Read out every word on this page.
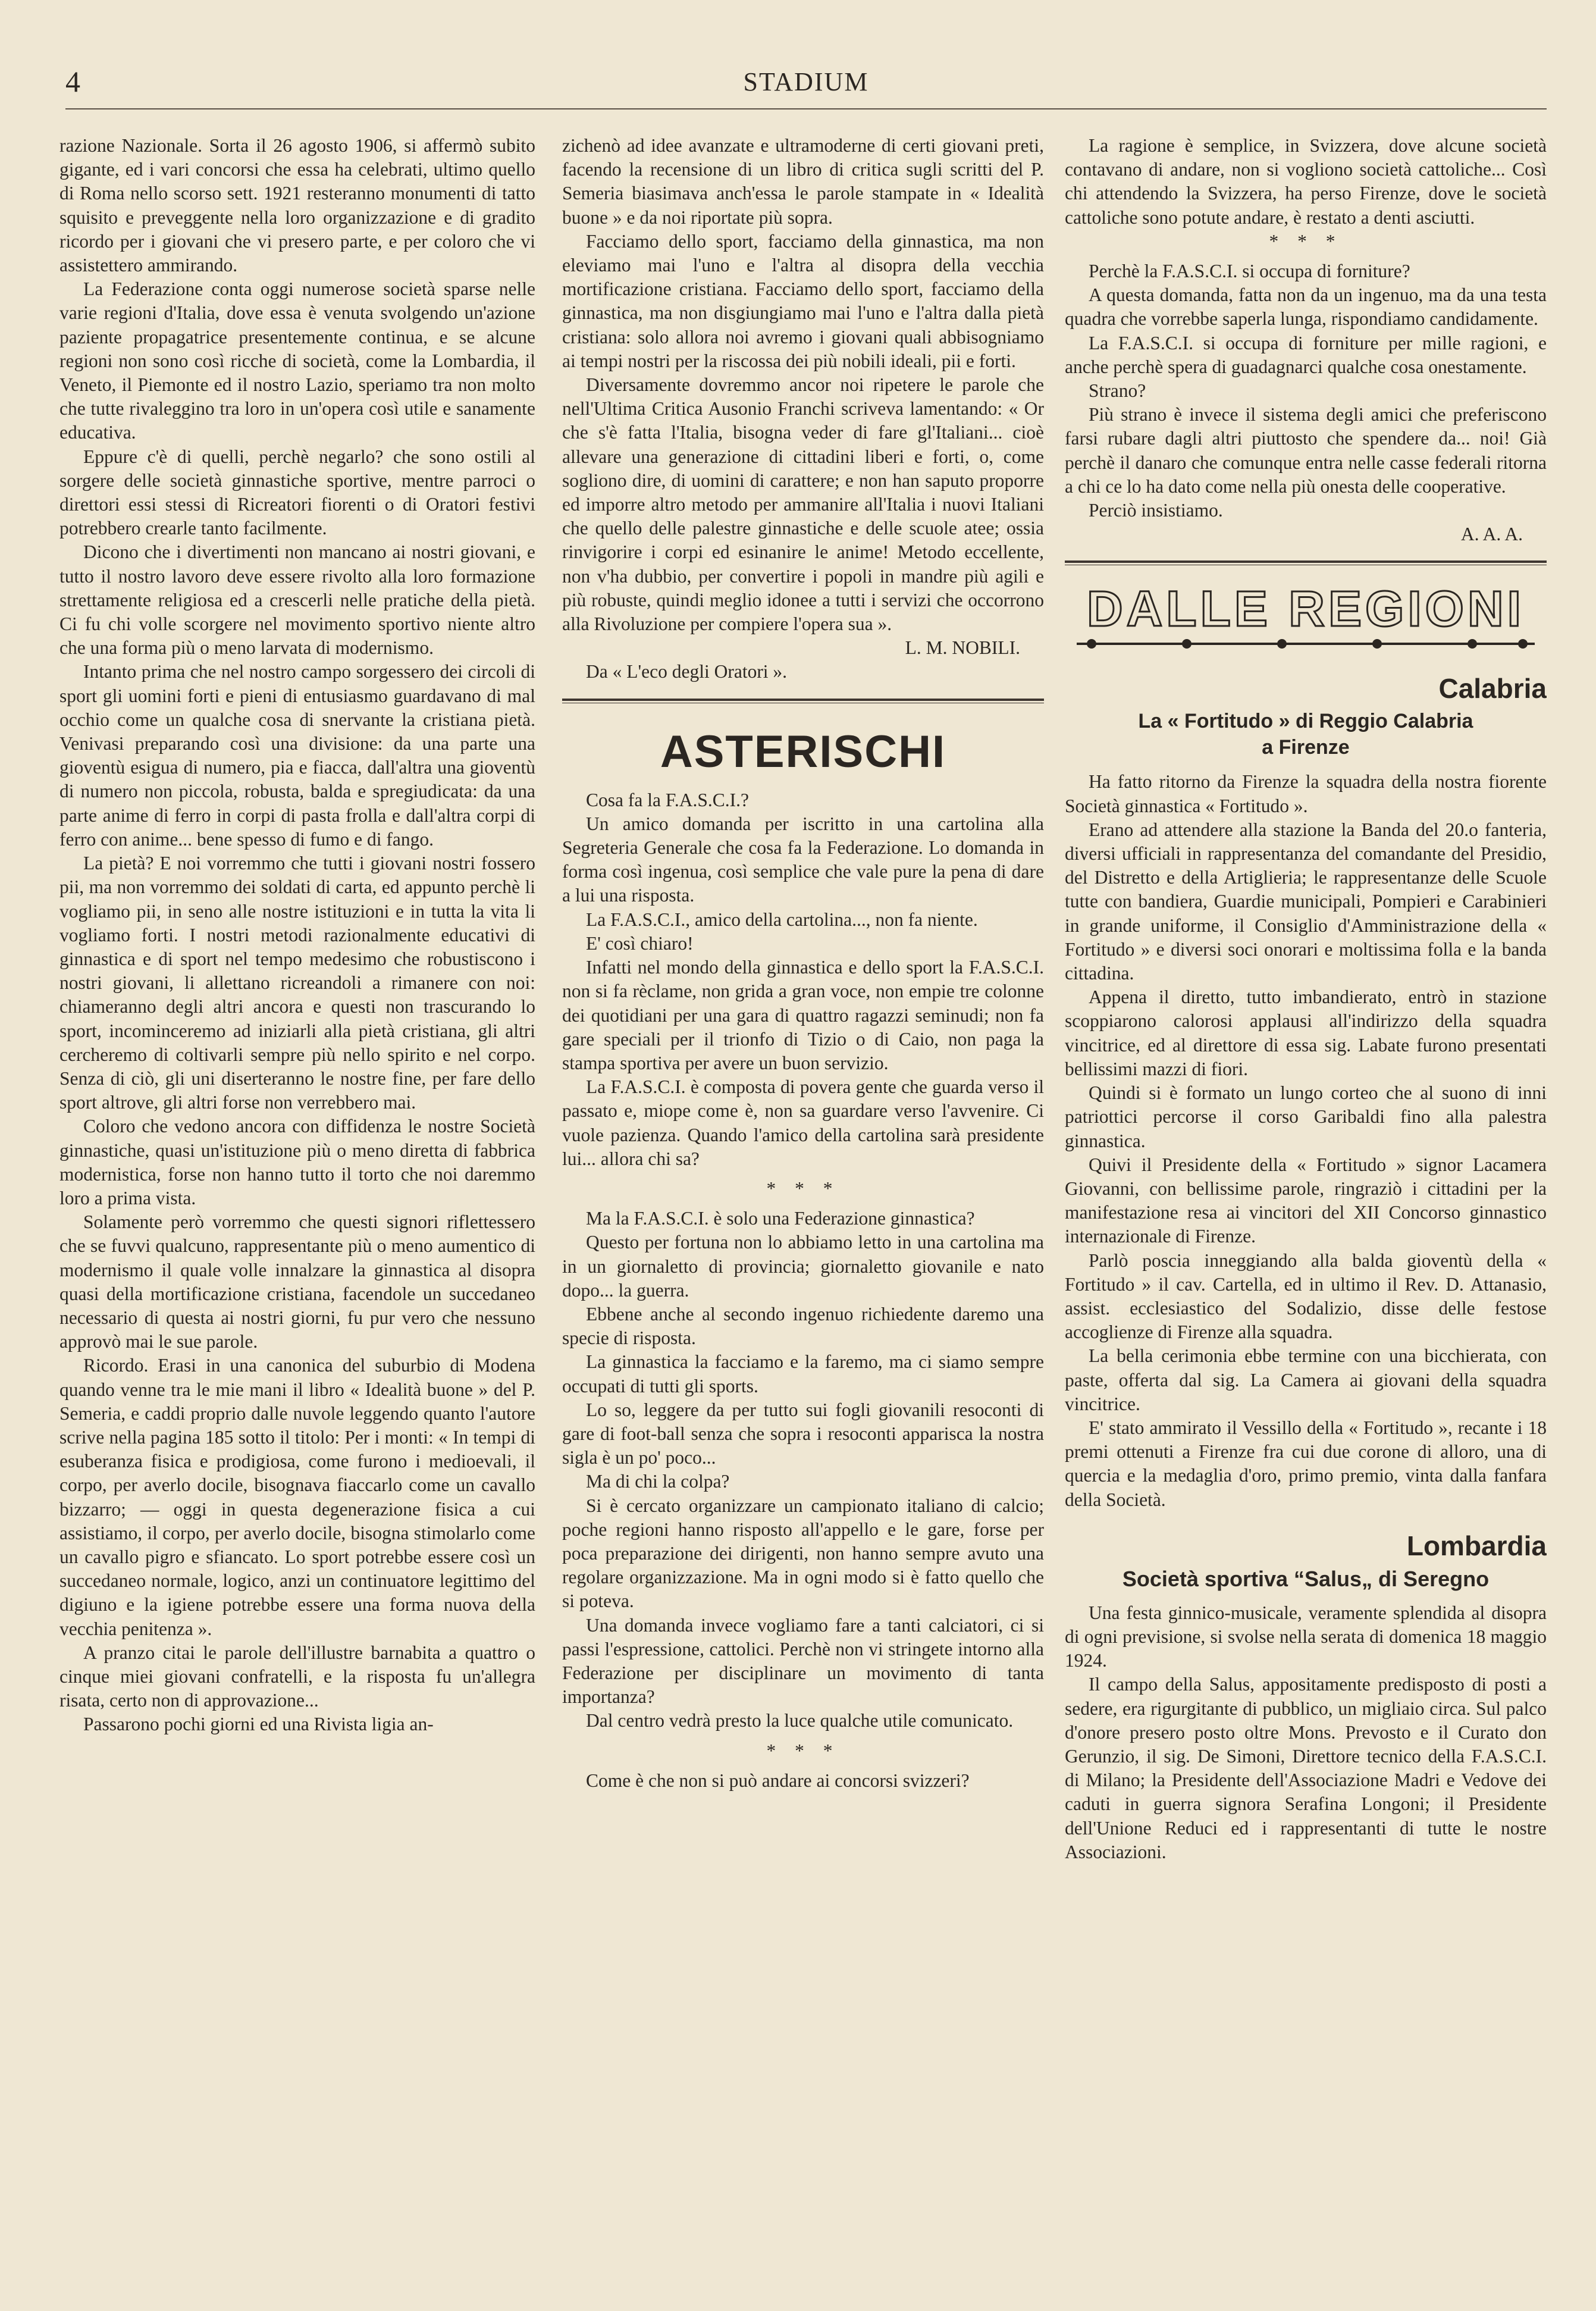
4	STADIUM

razione Nazionale. Sorta il 26 agosto 1906, si affermò subito gigante, ed i vari concorsi che essa ha celebrati, ultimo quello di Roma nello scorso sett. 1921 resteranno monumenti di tatto squisito e preveggente nella loro organizzazione e di gradito ricordo per i giovani che vi presero parte, e per coloro che vi assistettero ammirando.

La Federazione conta oggi numerose società sparse nelle varie regioni d'Italia, dove essa è venuta svolgendo un'azione paziente propagatrice presentemente continua, e se alcune regioni non sono così ricche di società, come la Lombardia, il Veneto, il Piemonte ed il nostro Lazio, speriamo tra non molto che tutte rivaleggino tra loro in un'opera così utile e sanamente educativa.

Eppure c'è di quelli, perchè negarlo? che sono ostili al sorgere delle società ginnastiche sportive, mentre parroci o direttori essi stessi di Ricreatori fiorenti o di Oratori festivi potrebbero crearle tanto facilmente.

Dicono che i divertimenti non mancano ai nostri giovani, e tutto il nostro lavoro deve essere rivolto alla loro formazione strettamente religiosa ed a crescerli nelle pratiche della pietà. Ci fu chi volle scorgere nel movimento sportivo niente altro che una forma più o meno larvata di modernismo.

Intanto prima che nel nostro campo sorgessero dei circoli di sport gli uomini forti e pieni di entusiasmo guardavano di mal occhio come un qualche cosa di snervante la cristiana pietà. Venivasi preparando così una divisione: da una parte una gioventù esigua di numero, pia e fiacca, dall'altra una gioventù di numero non piccola, robusta, balda e spregiudicata: da una parte anime di ferro in corpi di pasta frolla e dall'altra corpi di ferro con anime... bene spesso di fumo e di fango.

La pietà? E noi vorremmo che tutti i giovani nostri fossero pii, ma non vorremmo dei soldati di carta, ed appunto perchè li vogliamo pii, in seno alle nostre istituzioni e in tutta la vita li vogliamo forti. I nostri metodi razionalmente educativi di ginnastica e di sport nel tempo medesimo che robustiscono i nostri giovani, li allettano ricreandoli a rimanere con noi: chiameranno degli altri ancora e questi non trascurando lo sport, incominceremo ad iniziarli alla pietà cristiana, gli altri cercheremo di coltivarli sempre più nello spirito e nel corpo. Senza di ciò, gli uni diserteranno le nostre fine, per fare dello sport altrove, gli altri forse non verrebbero mai.

Coloro che vedono ancora con diffidenza le nostre Società ginnastiche, quasi un'istituzione più o meno diretta di fabbrica modernistica, forse non hanno tutto il torto che noi daremmo loro a prima vista.

Solamente però vorremmo che questi signori riflettessero che se fuvvi qualcuno, rappresentante più o meno aumentico di modernismo il quale volle innalzare la ginnastica al disopra quasi della mortificazione cristiana, facendole un succedaneo necessario di questa ai nostri giorni, fu pur vero che nessuno approvò mai le sue parole.

Ricordo. Erasi in una canonica del suburbio di Modena quando venne tra le mie mani il libro « Idealità buone » del P. Semeria, e caddi proprio dalle nuvole leggendo quanto l'autore scrive nella pagina 185 sotto il titolo: Per i monti: « In tempi di esuberanza fisica e prodigiosa, come furono i medioevali, il corpo, per averlo docile, bisognava fiaccarlo come un cavallo bizzarro; — oggi in questa degenerazione fisica a cui assistiamo, il corpo, per averlo docile, bisogna stimolarlo come un cavallo pigro e sfiancato. Lo sport potrebbe essere così un succedaneo normale, logico, anzi un continuatore legittimo del digiuno e la igiene potrebbe essere una forma nuova della vecchia penitenza ».

A pranzo citai le parole dell'illustre barnabita a quattro o cinque miei giovani confratelli, e la risposta fu un'allegra risata, certo non di approvazione...

Passarono pochi giorni ed una Rivista ligia an-

zichenò ad idee avanzate e ultramoderne di certi giovani preti, facendo la recensione di un libro di critica sugli scritti del P. Semeria biasimava anch'essa le parole stampate in « Idealità buone » e da noi riportate più sopra.

Facciamo dello sport, facciamo della ginnastica, ma non eleviamo mai l'uno e l'altra al disopra della vecchia mortificazione cristiana. Facciamo dello sport, facciamo della ginnastica, ma non disgiungiamo mai l'uno e l'altra dalla pietà cristiana: solo allora noi avremo i giovani quali abbisogniamo ai tempi nostri per la riscossa dei più nobili ideali, pii e forti.

Diversamente dovremmo ancor noi ripetere le parole che nell'Ultima Critica Ausonio Franchi scriveva lamentando: « Or che s'è fatta l'Italia, bisogna veder di fare gl'Italiani... cioè allevare una generazione di cittadini liberi e forti, o, come sogliono dire, di uomini di carattere; e non han saputo proporre ed imporre altro metodo per ammanire all'Italia i nuovi Italiani che quello delle palestre ginnastiche e delle scuole atee; ossia rinvigorire i corpi ed esinanire le anime! Metodo eccellente, non v'ha dubbio, per convertire i popoli in mandre più agili e più robuste, quindi meglio idonee a tutti i servizi che occorrono alla Rivoluzione per compiere l'opera sua ».

L. M. NOBILI.

Da « L'eco degli Oratori ».

ASTERISCHI

Cosa fa la F.A.S.C.I.?

Un amico domanda per iscritto in una cartolina alla Segreteria Generale che cosa fa la Federazione. Lo domanda in forma così ingenua, così semplice che vale pure la pena di dare a lui una risposta.

La F.A.S.C.I., amico della cartolina..., non fa niente.

E' così chiaro!

Infatti nel mondo della ginnastica e dello sport la F.A.S.C.I. non si fa rèclame, non grida a gran voce, non empie tre colonne dei quotidiani per una gara di quattro ragazzi seminudi; non fa gare speciali per il trionfo di Tizio o di Caio, non paga la stampa sportiva per avere un buon servizio.

La F.A.S.C.I. è composta di povera gente che guarda verso il passato e, miope come è, non sa guardare verso l'avvenire. Ci vuole pazienza. Quando l'amico della cartolina sarà presidente lui... allora chi sa?

* * *

Ma la F.A.S.C.I. è solo una Federazione ginnastica?

Questo per fortuna non lo abbiamo letto in una cartolina ma in un giornaletto di provincia; giornaletto giovanile e nato dopo... la guerra.

Ebbene anche al secondo ingenuo richiedente daremo una specie di risposta.

La ginnastica la facciamo e la faremo, ma ci siamo sempre occupati di tutti gli sports.

Lo so, leggere da per tutto sui fogli giovanili resoconti di gare di foot-ball senza che sopra i resoconti apparisca la nostra sigla è un po' poco...

Ma di chi la colpa?

Si è cercato organizzare un campionato italiano di calcio; poche regioni hanno risposto all'appello e le gare, forse per poca preparazione dei dirigenti, non hanno sempre avuto una regolare organizzazione. Ma in ogni modo si è fatto quello che si poteva.

Una domanda invece vogliamo fare a tanti calciatori, ci si passi l'espressione, cattolici. Perchè non vi stringete intorno alla Federazione per disciplinare un movimento di tanta importanza?

Dal centro vedrà presto la luce qualche utile comunicato.

* * *

Come è che non si può andare ai concorsi svizzeri?

La ragione è semplice, in Svizzera, dove alcune società contavano di andare, non si vogliono società cattoliche... Così chi attendendo la Svizzera, ha perso Firenze, dove le società cattoliche sono potute andare, è restato a denti asciutti.

* * *

Perchè la F.A.S.C.I. si occupa di forniture?

A questa domanda, fatta non da un ingenuo, ma da una testa quadra che vorrebbe saperla lunga, rispondiamo candidamente.

La F.A.S.C.I. si occupa di forniture per mille ragioni, e anche perchè spera di guadagnarci qualche cosa onestamente.

Strano?

Più strano è invece il sistema degli amici che preferiscono farsi rubare dagli altri piuttosto che spendere da... noi! Già perchè il danaro che comunque entra nelle casse federali ritorna a chi ce lo ha dato come nella più onesta delle cooperative.

Perciò insistiamo.

A. A. A.

DALLE REGIONI
Calabria
La « Fortitudo » di Reggio Calabria
a Firenze

Ha fatto ritorno da Firenze la squadra della nostra fiorente Società ginnastica « Fortitudo ».

Erano ad attendere alla stazione la Banda del 20.o fanteria, diversi ufficiali in rappresentanza del comandante del Presidio, del Distretto e della Artiglieria; le rappresentanze delle Scuole tutte con bandiera, Guardie municipali, Pompieri e Carabinieri in grande uniforme, il Consiglio d'Amministrazione della « Fortitudo » e diversi soci onorari e moltissima folla e la banda cittadina.

Appena il diretto, tutto imbandierato, entrò in stazione scoppiarono calorosi applausi all'indirizzo della squadra vincitrice, ed al direttore di essa sig. Labate furono presentati bellissimi mazzi di fiori.

Quindi si è formato un lungo corteo che al suono di inni patriottici percorse il corso Garibaldi fino alla palestra ginnastica.

Quivi il Presidente della « Fortitudo » signor Lacamera Giovanni, con bellissime parole, ringraziò i cittadini per la manifestazione resa ai vincitori del XII Concorso ginnastico internazionale di Firenze.

Parlò poscia inneggiando alla balda gioventù della « Fortitudo » il cav. Cartella, ed in ultimo il Rev. D. Attanasio, assist. ecclesiastico del Sodalizio, disse delle festose accoglienze di Firenze alla squadra.

La bella cerimonia ebbe termine con una bicchierata, con paste, offerta dal sig. La Camera ai giovani della squadra vincitrice.

E' stato ammirato il Vessillo della « Fortitudo », recante i 18 premi ottenuti a Firenze fra cui due corone di alloro, una di quercia e la medaglia d'oro, primo premio, vinta dalla fanfara della Società.

Lombardia
Società sportiva “Salus„ di Seregno

Una festa ginnico-musicale, veramente splendida al disopra di ogni previsione, si svolse nella serata di domenica 18 maggio 1924.

Il campo della Salus, appositamente predisposto di posti a sedere, era rigurgitante di pubblico, un migliaio circa. Sul palco d'onore presero posto oltre Mons. Prevosto e il Curato don Gerunzio, il sig. De Simoni, Direttore tecnico della F.A.S.C.I. di Milano; la Presidente dell'Associazione Madri e Vedove dei caduti in guerra signora Serafina Longoni; il Presidente dell'Unione Reduci ed i rappresentanti di tutte le nostre Associazioni.
